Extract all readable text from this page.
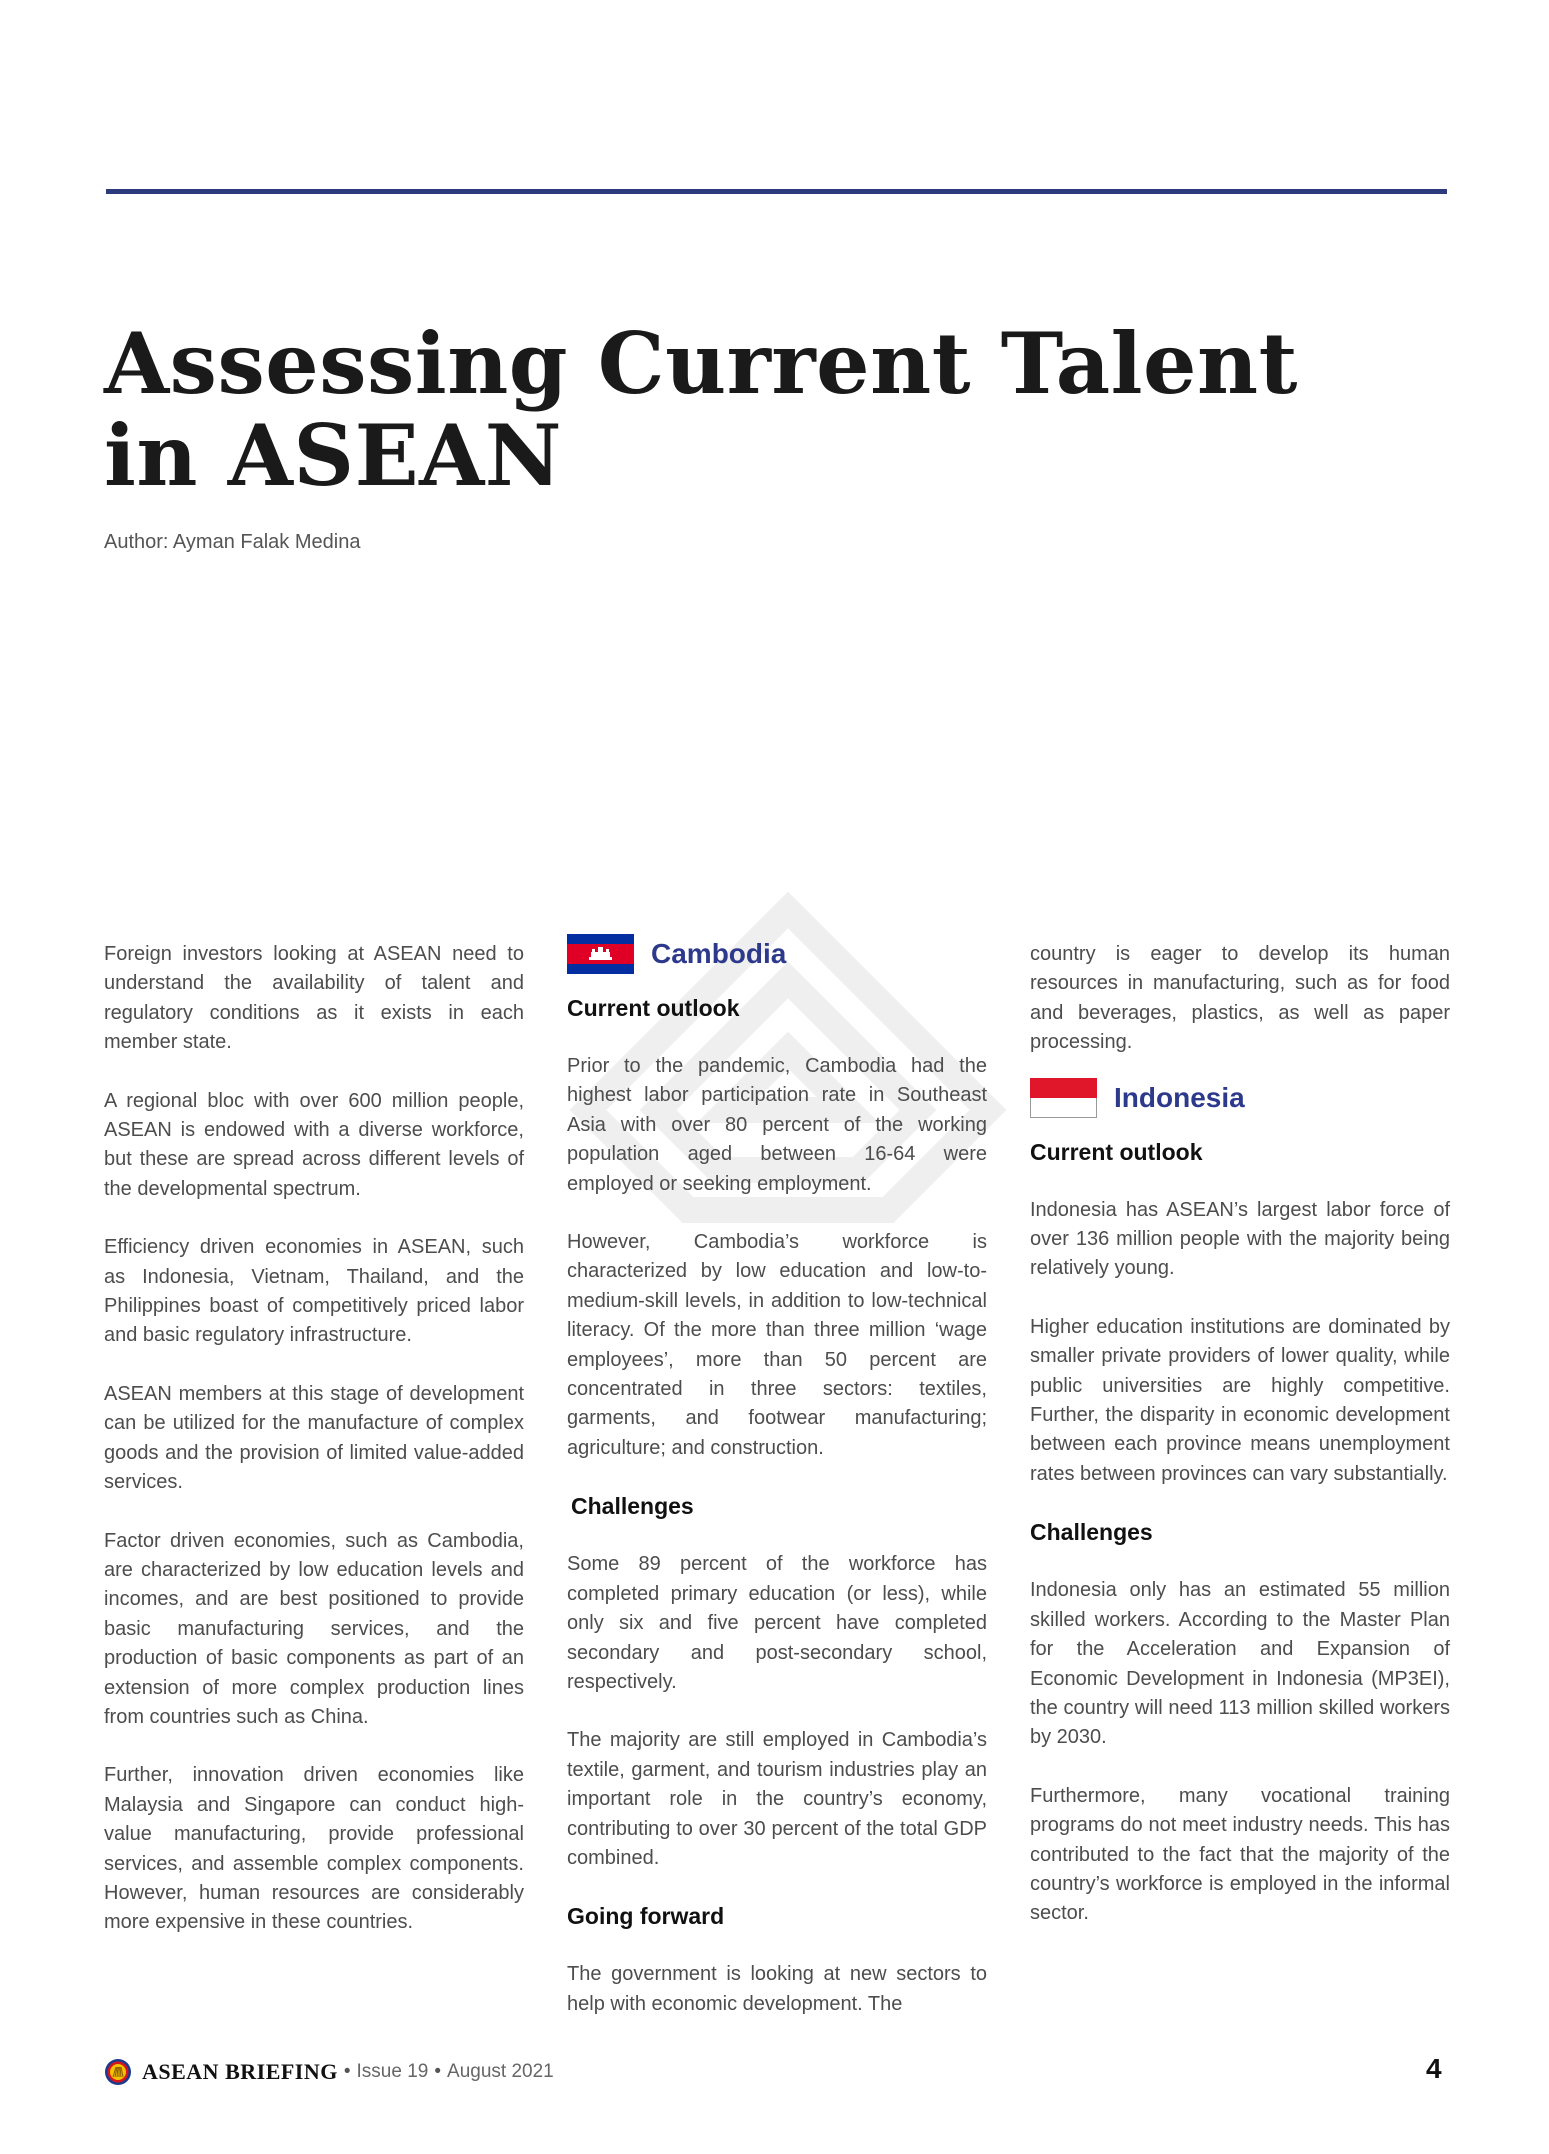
Assessing Current Talent
in ASEAN
Author: Ayman Falak Medina

Foreign investors looking at ASEAN need to understand the availability of talent and regulatory conditions as it exists in each member state.

A regional bloc with over 600 million people, ASEAN is endowed with a diverse workforce, but these are spread across different levels of the developmental spectrum.

Efficiency driven economies in ASEAN, such as Indonesia, Vietnam, Thailand, and the Philippines boast of competitively priced labor and basic regulatory infrastructure.

ASEAN members at this stage of development can be utilized for the manufacture of complex goods and the provision of limited value-added services.

Factor driven economies, such as Cambodia, are characterized by low education levels and incomes, and are best positioned to provide basic manufacturing services, and the production of basic components as part of an extension of more complex production lines from countries such as China.

Further, innovation driven economies like Malaysia and Singapore can conduct high-value manufacturing, provide professional services, and assemble complex components. However, human resources are considerably more expensive in these countries.

Cambodia
Current outlook

Prior to the pandemic, Cambodia had the highest labor participation rate in Southeast Asia with over 80 percent of the working population aged between 16-64 were employed or seeking employment.

However, Cambodia’s workforce is characterized by low education and low-to-medium-skill levels, in addition to low-technical literacy. Of the more than three million ‘wage employees’, more than 50 percent are concentrated in three sectors: textiles, garments, and footwear manufacturing; agriculture; and construction.

Challenges

Some 89 percent of the workforce has completed primary education (or less), while only six and five percent have completed secondary and post-secondary school, respectively.

The majority are still employed in Cambodia’s textile, garment, and tourism industries play an important role in the country’s economy, contributing to over 30 percent of the total GDP combined.

Going forward

The government is looking at new sectors to help with economic development. The

country is eager to develop its human resources in manufacturing, such as for food and beverages, plastics, as well as paper processing.

Indonesia
Current outlook

Indonesia has ASEAN’s largest labor force of over 136 million people with the majority being relatively young.

Higher education institutions are dominated by smaller private providers of lower quality, while public universities are highly competitive. Further, the disparity in economic development between each province means unemployment rates between provinces can vary substantially.

Challenges

Indonesia only has an estimated 55 million skilled workers. According to the Master Plan for the Acceleration and Expansion of Economic Development in Indonesia (MP3EI), the country will need 113 million skilled workers by 2030.

Furthermore, many vocational training programs do not meet industry needs. This has contributed to the fact that the majority of the country’s workforce is employed in the informal sector.

ASEAN BRIEFING • Issue 19 • August 2021	4
